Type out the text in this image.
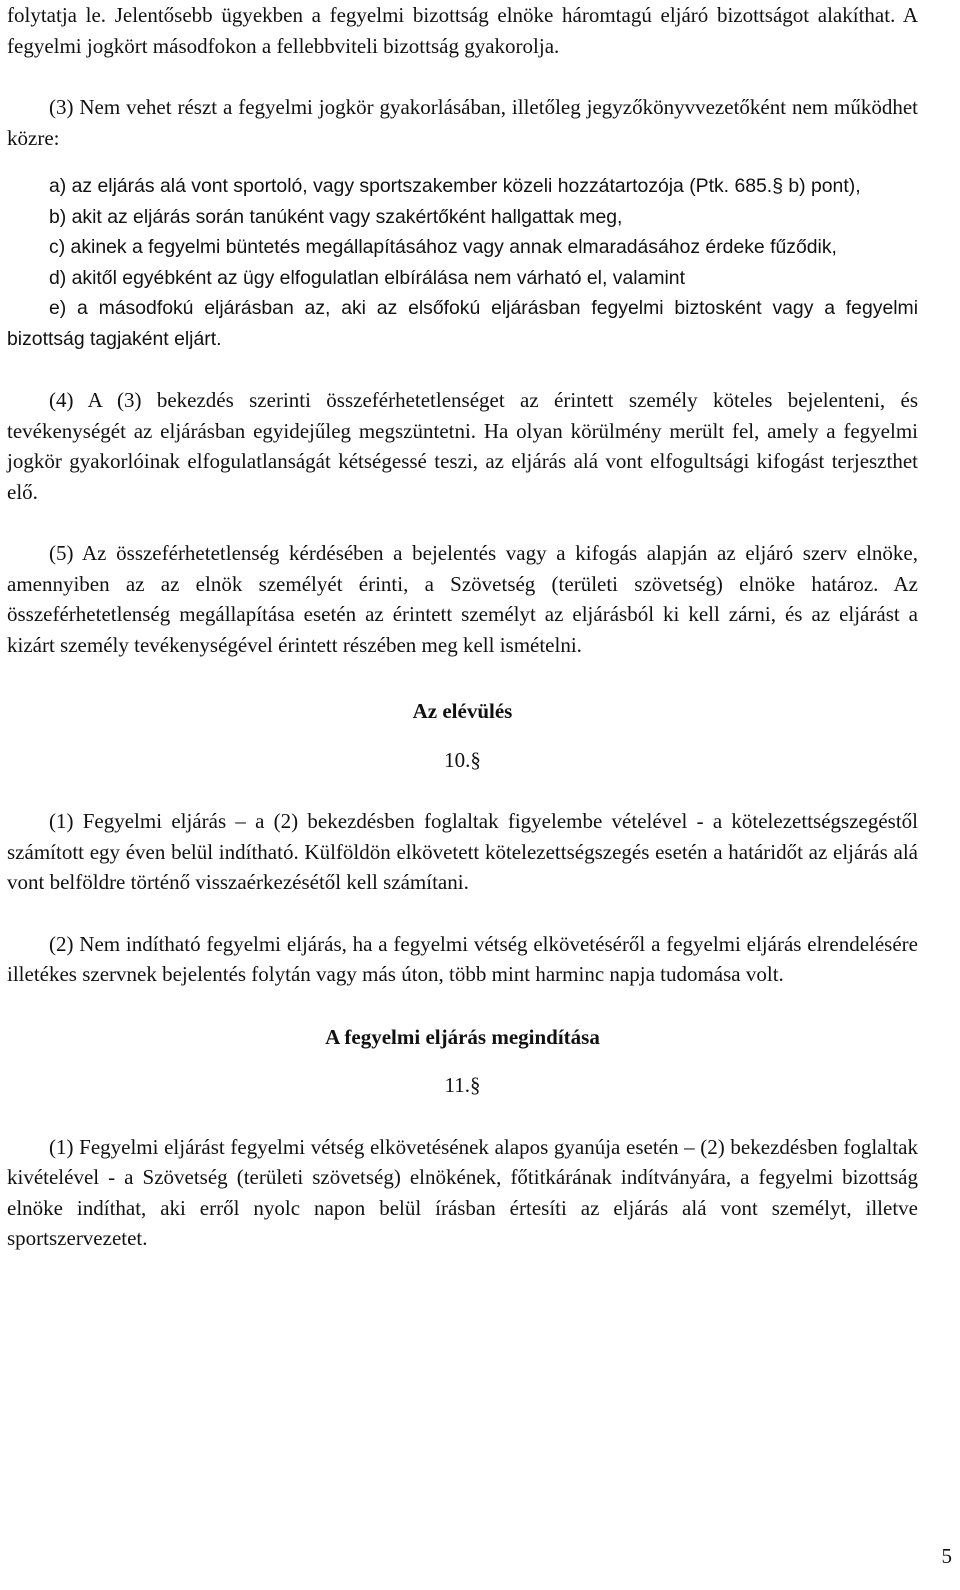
folytatja le. Jelentősebb ügyekben a fegyelmi bizottság elnöke háromtagú eljáró bizottságot alakíthat. A fegyelmi jogkört másodfokon a fellebbviteli bizottság gyakorolja.

(3) Nem vehet részt a fegyelmi jogkör gyakorlásában, illetőleg jegyzőkönyvvezetőként nem működhet közre:

a) az eljárás alá vont sportoló, vagy sportszakember közeli hozzátartozója (Ptk. 685.§ b) pont),

b) akit az eljárás során tanúként vagy szakértőként hallgattak meg,

c) akinek a fegyelmi büntetés megállapításához vagy annak elmaradásához érdeke fűződik,

d) akitől egyébként az ügy elfogulatlan elbírálása nem várható el, valamint

e) a másodfokú eljárásban az, aki az elsőfokú eljárásban fegyelmi biztosként vagy a fegyelmi bizottság tagjaként eljárt.

(4) A (3) bekezdés szerinti összeférhetetlenséget az érintett személy köteles bejelenteni, és tevékenységét az eljárásban egyidejűleg megszüntetni. Ha olyan körülmény merült fel, amely a fegyelmi jogkör gyakorlóinak elfogulatlanságát kétségessé teszi, az eljárás alá vont elfogultsági kifogást terjeszthet elő.

(5) Az összeférhetetlenség kérdésében a bejelentés vagy a kifogás alapján az eljáró szerv elnöke, amennyiben az az elnök személyét érinti, a Szövetség (területi szövetség) elnöke határoz. Az összeférhetetlenség megállapítása esetén az érintett személyt az eljárásból ki kell zárni, és az eljárást a kizárt személy tevékenységével érintett részében meg kell ismételni.

Az elévülés

10.§

(1) Fegyelmi eljárás – a (2) bekezdésben foglaltak figyelembe vételével - a kötelezettségszegéstől számított egy éven belül indítható. Külföldön elkövetett kötelezettségszegés esetén a határidőt az eljárás alá vont belföldre történő visszaérkezésétől kell számítani.

(2) Nem indítható fegyelmi eljárás, ha a fegyelmi vétség elkövetéséről a fegyelmi eljárás elrendelésére illetékes szervnek bejelentés folytán vagy más úton, több mint harminc napja tudomása volt.

A fegyelmi eljárás megindítása

11.§

(1) Fegyelmi eljárást fegyelmi vétség elkövetésének alapos gyanúja esetén – (2) bekezdésben foglaltak kivételével - a Szövetség (területi szövetség) elnökének, főtitkárának indítványára, a fegyelmi bizottság elnöke indíthat, aki erről nyolc napon belül írásban értesíti az eljárás alá vont személyt, illetve sportszervezetet.

5
